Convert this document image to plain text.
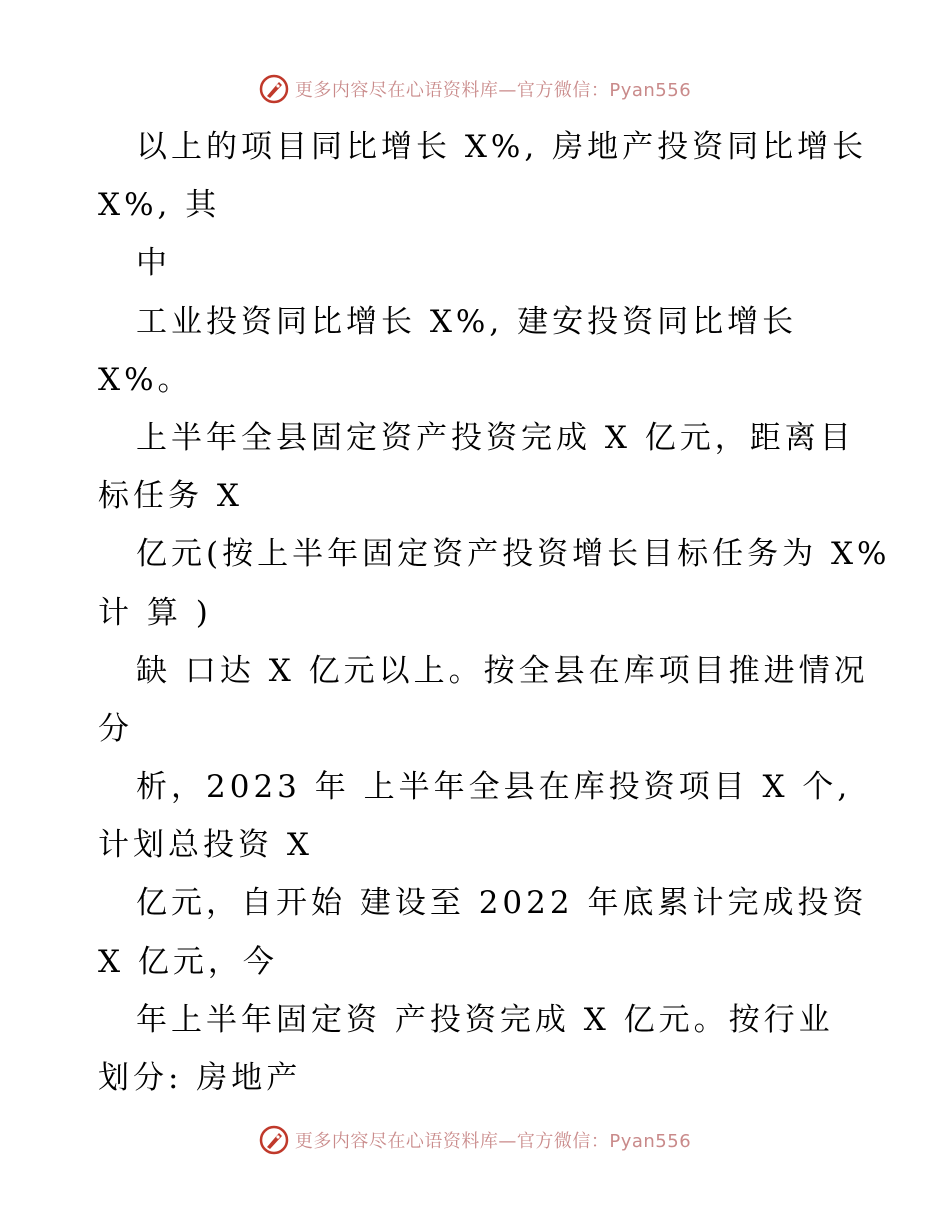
更多内容尽在心语资料库—官方微信：Pyan556
以上的项目同比增长 X%, 房地产投资同比增长
X%, 其
中
工业投资同比增长 X%, 建安投资同比增长
X%。
上半年全县固定资产投资完成 X 亿元，距离目
标任务 X
亿元(按上半年固定资产投资增长目标任务为 X%
计 算 )
缺 口达 X 亿元以上。按全县在库项目推进情况
分
析，2023 年 上半年全县在库投资项目 X 个,
计划总投资 X
亿元，自开始 建设至 2022 年底累计完成投资
X 亿元，今
年上半年固定资 产投资完成 X 亿元。按行业
划分: 房地产
更多内容尽在心语资料库—官方微信：Pyan556
